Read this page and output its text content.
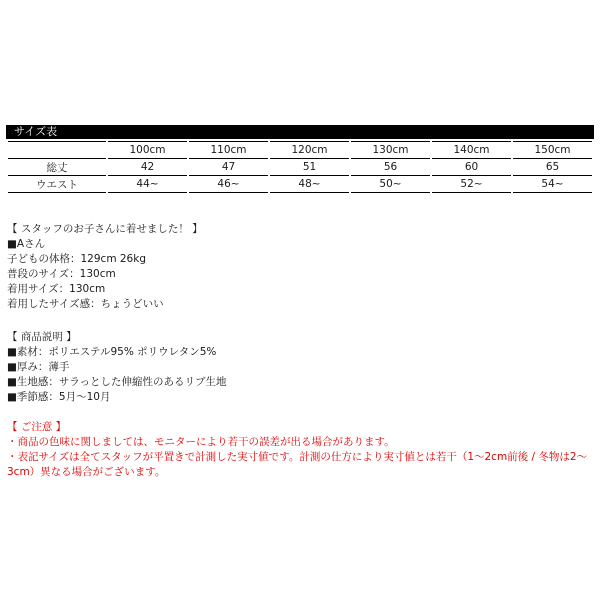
サイズ表
	100cm	110cm	120cm	130cm	140cm	150cm
総丈	42	47	51	56	60	65
ウエスト	44~	46~	48~	50~	52~	54~
【 スタッフのお子さんに着せました！ 】
■Aさん
子どもの体格：129cm 26kg
普段のサイズ：130cm
着用サイズ：130cm
着用したサイズ感：ちょうどいい
【 商品説明 】
■素材：ポリエステル95% ポリウレタン5%
■厚み：薄手
■生地感：サラっとした伸縮性のあるリブ生地
■季節感：5月～10月
【 ご注意 】
・商品の色味に関しましては、モニターにより若干の誤差が出る場合があります。
・表記サイズは全てスタッフが平置きで計測した実寸値です。計測の仕方により実寸値とは若干（1～2cm前後 / 冬物は2～3cm）異なる場合がございます。
